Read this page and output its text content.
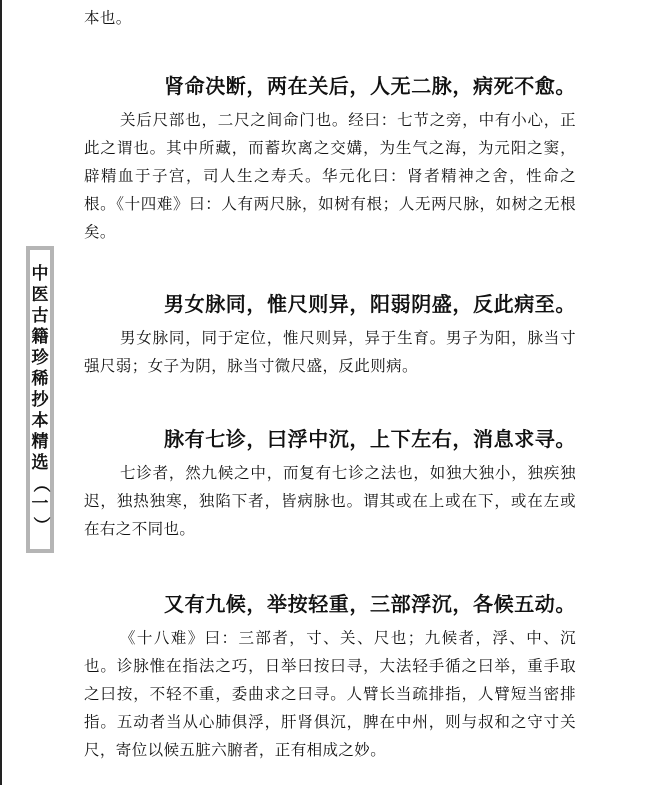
中
医
古
籍
珍
稀
抄
本
精
选
（
一
）

本也。

肾命决断，两在关后，人无二脉，病死不愈。

关后尺部也，二尺之间命门也。经曰：七节之旁，中有小心，正此之谓也。其中所藏，而蓄坎离之交媾，为生气之海，为元阳之窦，辟精血于子宫，司人生之寿夭。华元化曰：肾者精神之舍，性命之根。《十四难》曰：人有两尺脉，如树有根；人无两尺脉，如树之无根矣。

男女脉同，惟尺则异，阳弱阴盛，反此病至。

男女脉同，同于定位，惟尺则异，异于生育。男子为阳，脉当寸强尺弱；女子为阴，脉当寸微尺盛，反此则病。

脉有七诊，曰浮中沉，上下左右，消息求寻。

七诊者，然九候之中，而复有七诊之法也，如独大独小，独疾独迟，独热独寒，独陷下者，皆病脉也。谓其或在上或在下，或在左或在右之不同也。

又有九候，举按轻重，三部浮沉，各候五动。

《十八难》曰：三部者，寸、关、尺也；九候者，浮、中、沉也。诊脉惟在指法之巧，日举曰按曰寻，大法轻手循之曰举，重手取之曰按，不轻不重，委曲求之曰寻。人臂长当疏排指，人臂短当密排指。五动者当从心肺俱浮，肝肾俱沉，脾在中州，则与叔和之守寸关尺，寄位以候五脏六腑者，正有相成之妙。
